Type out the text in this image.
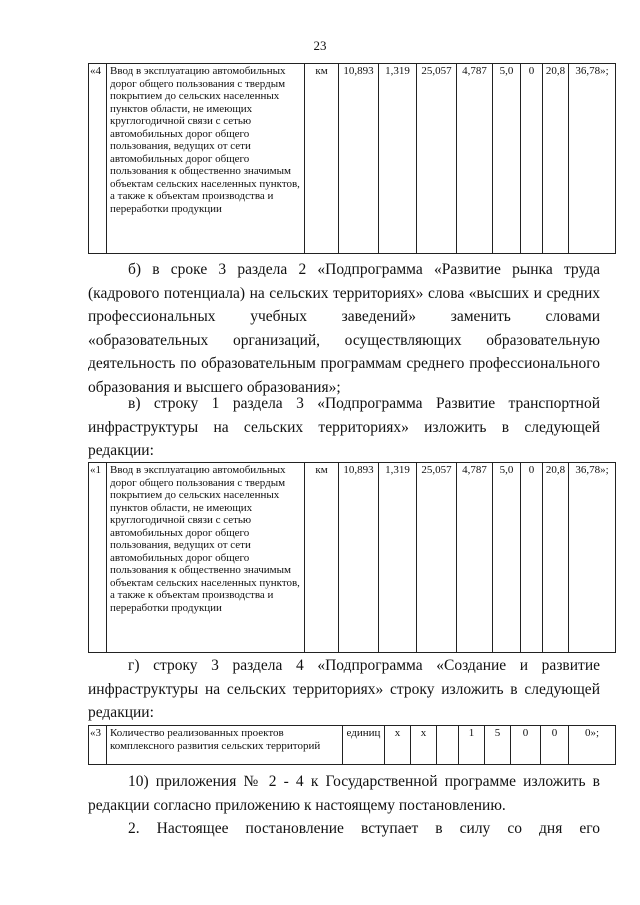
23
«4	Ввод в эксплуатацию автомобильных дорог общего пользования с твердым покрытием до сельских населенных пунктов области, не имеющих круглогодичной связи с сетью автомобильных дорог общего пользования, ведущих от сети автомобильных дорог общего пользования к общественно значимым объектам сельских населенных пунктов, а также к объектам производства и переработки продукции	км	10,893	1,319	25,057	4,787	5,0	0	20,8	36,78»;
б) в сроке 3 раздела 2 «Подпрограмма «Развитие рынка труда (кадрового потенциала) на сельских территориях» слова «высших и средних профессиональных учебных заведений» заменить словами «образовательных организаций, осуществляющих образовательную деятельность по образовательным программам среднего профессионального образования и высшего образования»;
в) строку 1 раздела 3 «Подпрограмма Развитие транспортной инфраструктуры на сельских территориях» изложить в следующей редакции:
«1	Ввод в эксплуатацию автомобильных дорог общего пользования с твердым покрытием до сельских населенных пунктов области, не имеющих круглогодичной связи с сетью автомобильных дорог общего пользования, ведущих от сети автомобильных дорог общего пользования к общественно значимым объектам сельских населенных пунктов, а также к объектам производства и переработки продукции	км	10,893	1,319	25,057	4,787	5,0	0	20,8	36,78»;
г) строку 3 раздела 4 «Подпрограмма «Создание и развитие инфраструктуры на сельских территориях» строку изложить в следующей редакции:
«3	Количество реализованных проектов комплексного развития сельских территорий	единиц	х	х		1	5	0	0	0»;
10) приложения № 2 - 4 к Государственной программе изложить в редакции согласно приложению к настоящему постановлению.
2. Настоящее постановление вступает в силу со дня его
